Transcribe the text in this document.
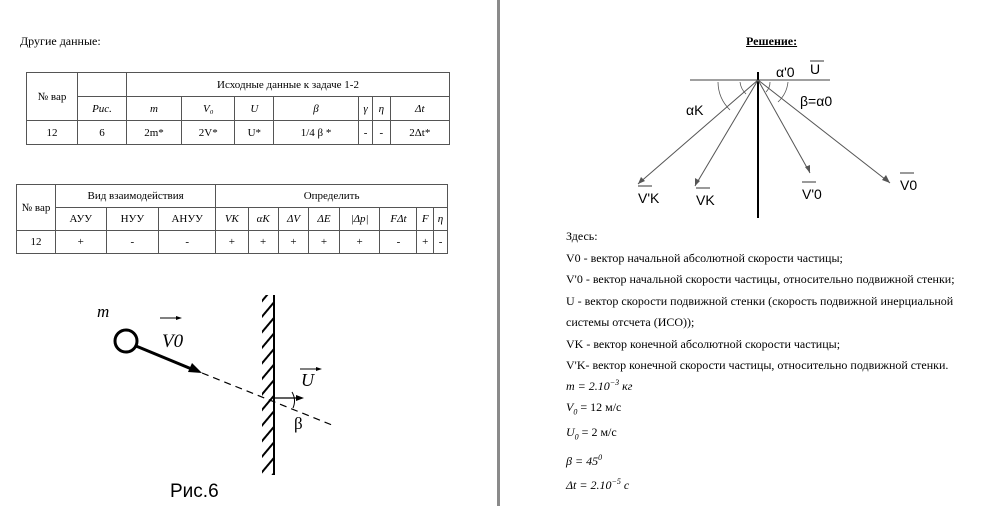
Другие данные:
№ вар		Исходные данные к задаче 1-2						
	Рис.	m	V₀	U	β	γ	η	Δt
12	6	2m*	2V*	U*	1/4 β *	-	-	2Δt*
№ вар	Вид взаимодействия			Определить							
	АУУ	НУУ	АНУУ	VK	αK	ΔV	ΔE	|Δp|	FΔt	F	η
12	+	-	-	+	+	+	+	+	-	+	-
m
V0
U
β
Рис.6
Решение:
α'0 U
β=α0
αK
V'K	VK	V'0
V0
Здесь:
V0 - вектор начальной абсолютной скорости частицы;
V'0 - вектор начальной скорости частицы, относительно подвижной стенки;
U - вектор скорости подвижной стенки (скорость подвижной инерциальной
системы отсчета (ИСО));
VK - вектор конечной абсолютной скорости частицы;
V'K- вектор конечной скорости частицы, относительно подвижной стенки.
$m = 2.10^{-3}$ кг
$V_0 = 12$ м/с
$U_0 = 2$ м/с
$\beta = 45^0$
$\Delta t = 2.10^{-5}$ с
